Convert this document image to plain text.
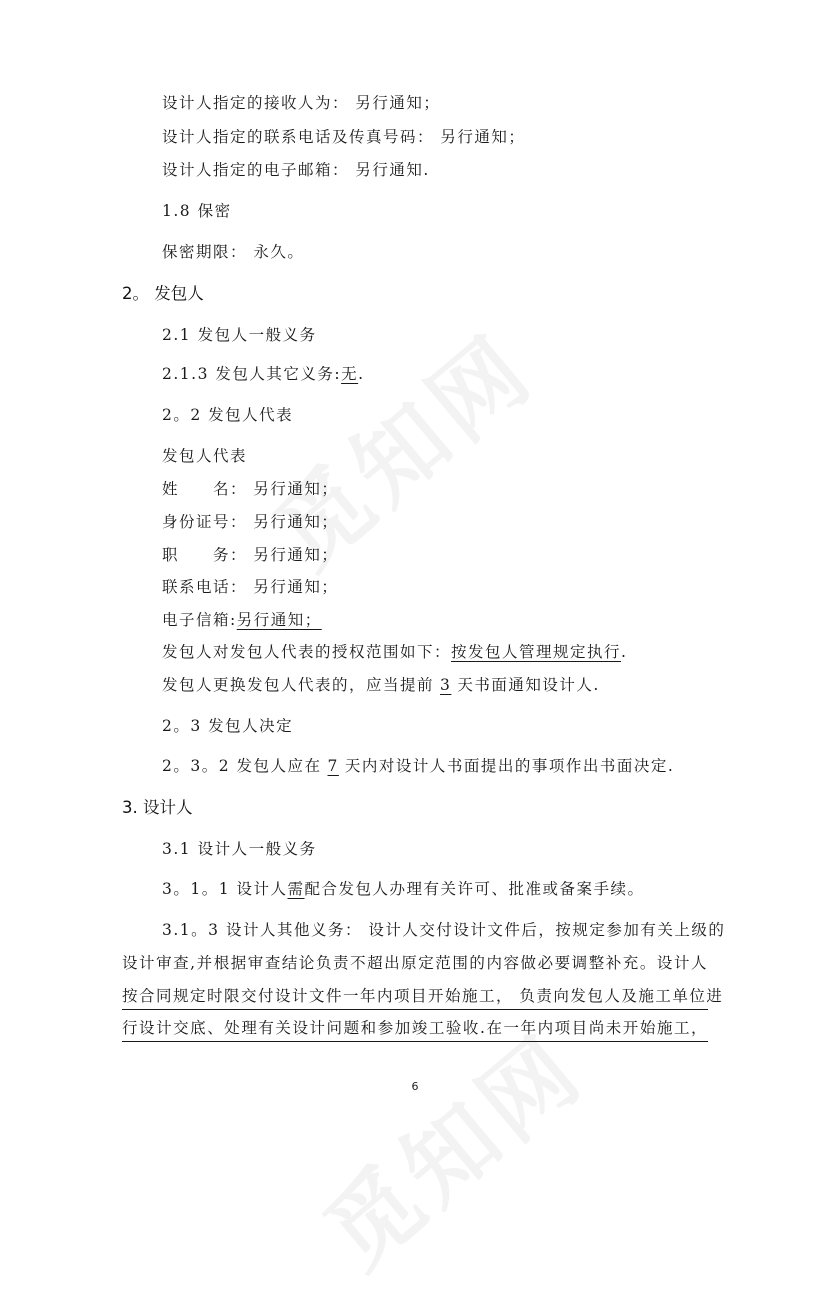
设计人指定的接收人为： 另行通知；
设计人指定的联系电话及传真号码： 另行通知；
设计人指定的电子邮箱： 另行通知.
1.8 保密
保密期限： 永久。
2。 发包人
2.1 发包人一般义务
2.1.3 发包人其它义务:无.
2。2 发包人代表
发包人代表
姓　　名： 另行通知；
身份证号： 另行通知；
职　　务： 另行通知；
联系电话： 另行通知；
电子信箱:另行通知；
发包人对发包人代表的授权范围如下：按发包人管理规定执行.
发包人更换发包人代表的，应当提前 3 天书面通知设计人.
2。3 发包人决定
2。3。2 发包人应在 7 天内对设计人书面提出的事项作出书面决定.
3. 设计人
3.1 设计人一般义务
3。1。1 设计人需配合发包人办理有关许可、批准或备案手续。
3.1。3 设计人其他义务： 设计人交付设计文件后，按规定参加有关上级的
设计审查,并根据审查结论负责不超出原定范围的内容做必要调整补充。设计人
按合同规定时限交付设计文件一年内项目开始施工， 负责向发包人及施工单位进
行设计交底、处理有关设计问题和参加竣工验收.在一年内项目尚未开始施工，
6
